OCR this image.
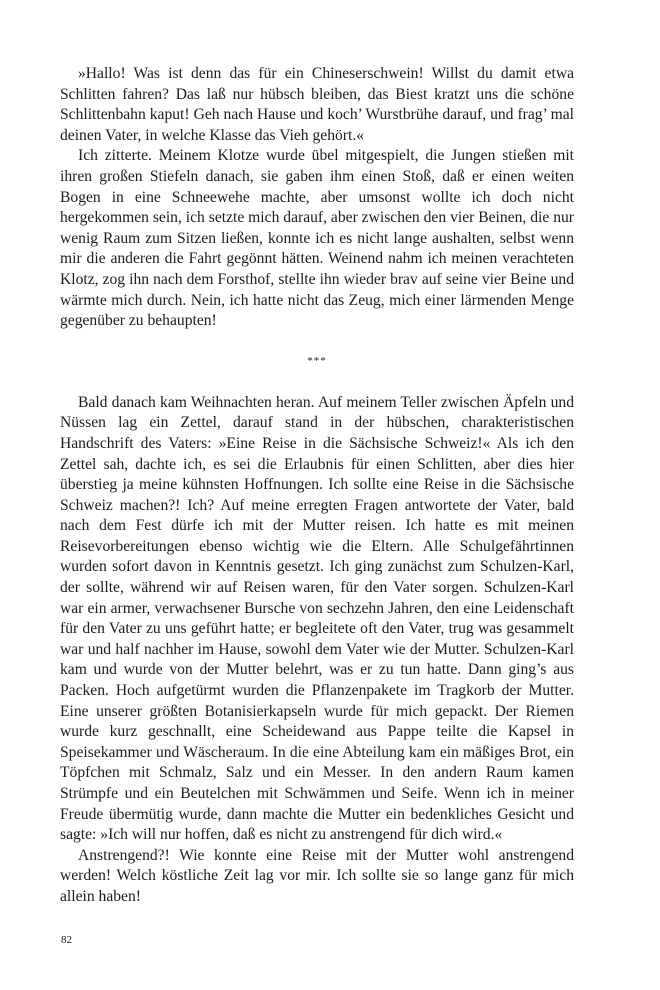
»Hallo! Was ist denn das für ein Chineserschwein! Willst du damit etwa Schlitten fahren? Das laß nur hübsch bleiben, das Biest kratzt uns die schöne Schlittenbahn kaput! Geh nach Hause und koch’ Wurstbrühe darauf, und frag’ mal deinen Vater, in welche Klasse das Vieh gehört.«

Ich zitterte. Meinem Klotze wurde übel mitgespielt, die Jungen stießen mit ihren großen Stiefeln danach, sie gaben ihm einen Stoß, daß er einen weiten Bogen in eine Schneewehe machte, aber umsonst wollte ich doch nicht hergekommen sein, ich setzte mich darauf, aber zwischen den vier Beinen, die nur wenig Raum zum Sitzen ließen, konnte ich es nicht lange aushalten, selbst wenn mir die anderen die Fahrt gegönnt hätten. Weinend nahm ich meinen verachteten Klotz, zog ihn nach dem Forsthof, stellte ihn wieder brav auf seine vier Beine und wärmte mich durch. Nein, ich hatte nicht das Zeug, mich einer lärmenden Menge gegenüber zu behaupten!

***

Bald danach kam Weihnachten heran. Auf meinem Teller zwischen Äpfeln und Nüssen lag ein Zettel, darauf stand in der hübschen, charakteristischen Handschrift des Vaters: »Eine Reise in die Sächsische Schweiz!« Als ich den Zettel sah, dachte ich, es sei die Erlaubnis für einen Schlitten, aber dies hier überstieg ja meine kühnsten Hoffnungen. Ich sollte eine Reise in die Sächsische Schweiz machen?! Ich? Auf meine erregten Fragen antwortete der Vater, bald nach dem Fest dürfe ich mit der Mutter reisen. Ich hatte es mit meinen Reisevorbereitungen ebenso wichtig wie die Eltern. Alle Schulgefährtinnen wurden sofort davon in Kenntnis gesetzt. Ich ging zunächst zum Schulzen-Karl, der sollte, während wir auf Reisen waren, für den Vater sorgen. Schulzen-Karl war ein armer, verwachsener Bursche von sechzehn Jahren, den eine Leidenschaft für den Vater zu uns geführt hatte; er begleitete oft den Vater, trug was gesammelt war und half nachher im Hause, sowohl dem Vater wie der Mutter. Schulzen-Karl kam und wurde von der Mutter belehrt, was er zu tun hatte. Dann ging’s aus Packen. Hoch aufgetürmt wurden die Pflanzenpakete im Tragkorb der Mutter. Eine unserer größten Botanisierkapseln wurde für mich gepackt. Der Riemen wurde kurz geschnallt, eine Scheidewand aus Pappe teilte die Kapsel in Speisekammer und Wäscheraum. In die eine Abteilung kam ein mäßiges Brot, ein Töpfchen mit Schmalz, Salz und ein Messer. In den andern Raum kamen Strümpfe und ein Beutelchen mit Schwämmen und Seife. Wenn ich in meiner Freude übermütig wurde, dann machte die Mutter ein bedenkliches Gesicht und sagte: »Ich will nur hoffen, daß es nicht zu anstrengend für dich wird.«

Anstrengend?! Wie konnte eine Reise mit der Mutter wohl anstrengend werden! Welch köstliche Zeit lag vor mir. Ich sollte sie so lange ganz für mich allein haben!

82
